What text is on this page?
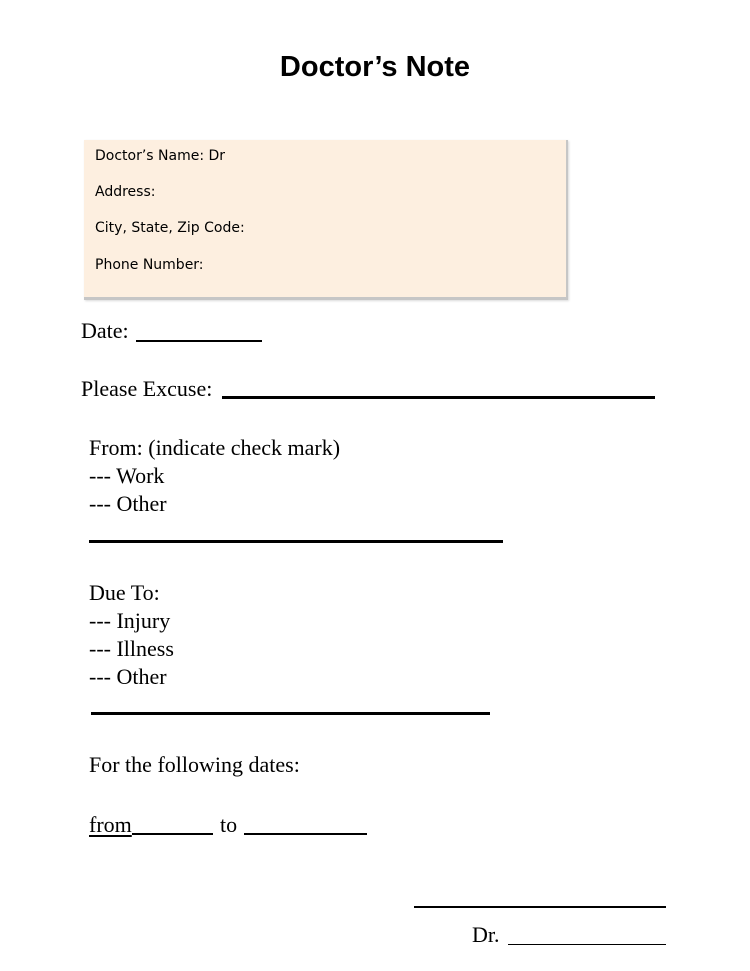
Doctor’s Note
Doctor’s Name: Dr
Address:
City, State, Zip Code:
Phone Number:
Date:
Please Excuse:
From: (indicate check mark)
--- Work
--- Other
Due To:
--- Injury
--- Illness
--- Other
For the following dates:
from	to
Dr.
